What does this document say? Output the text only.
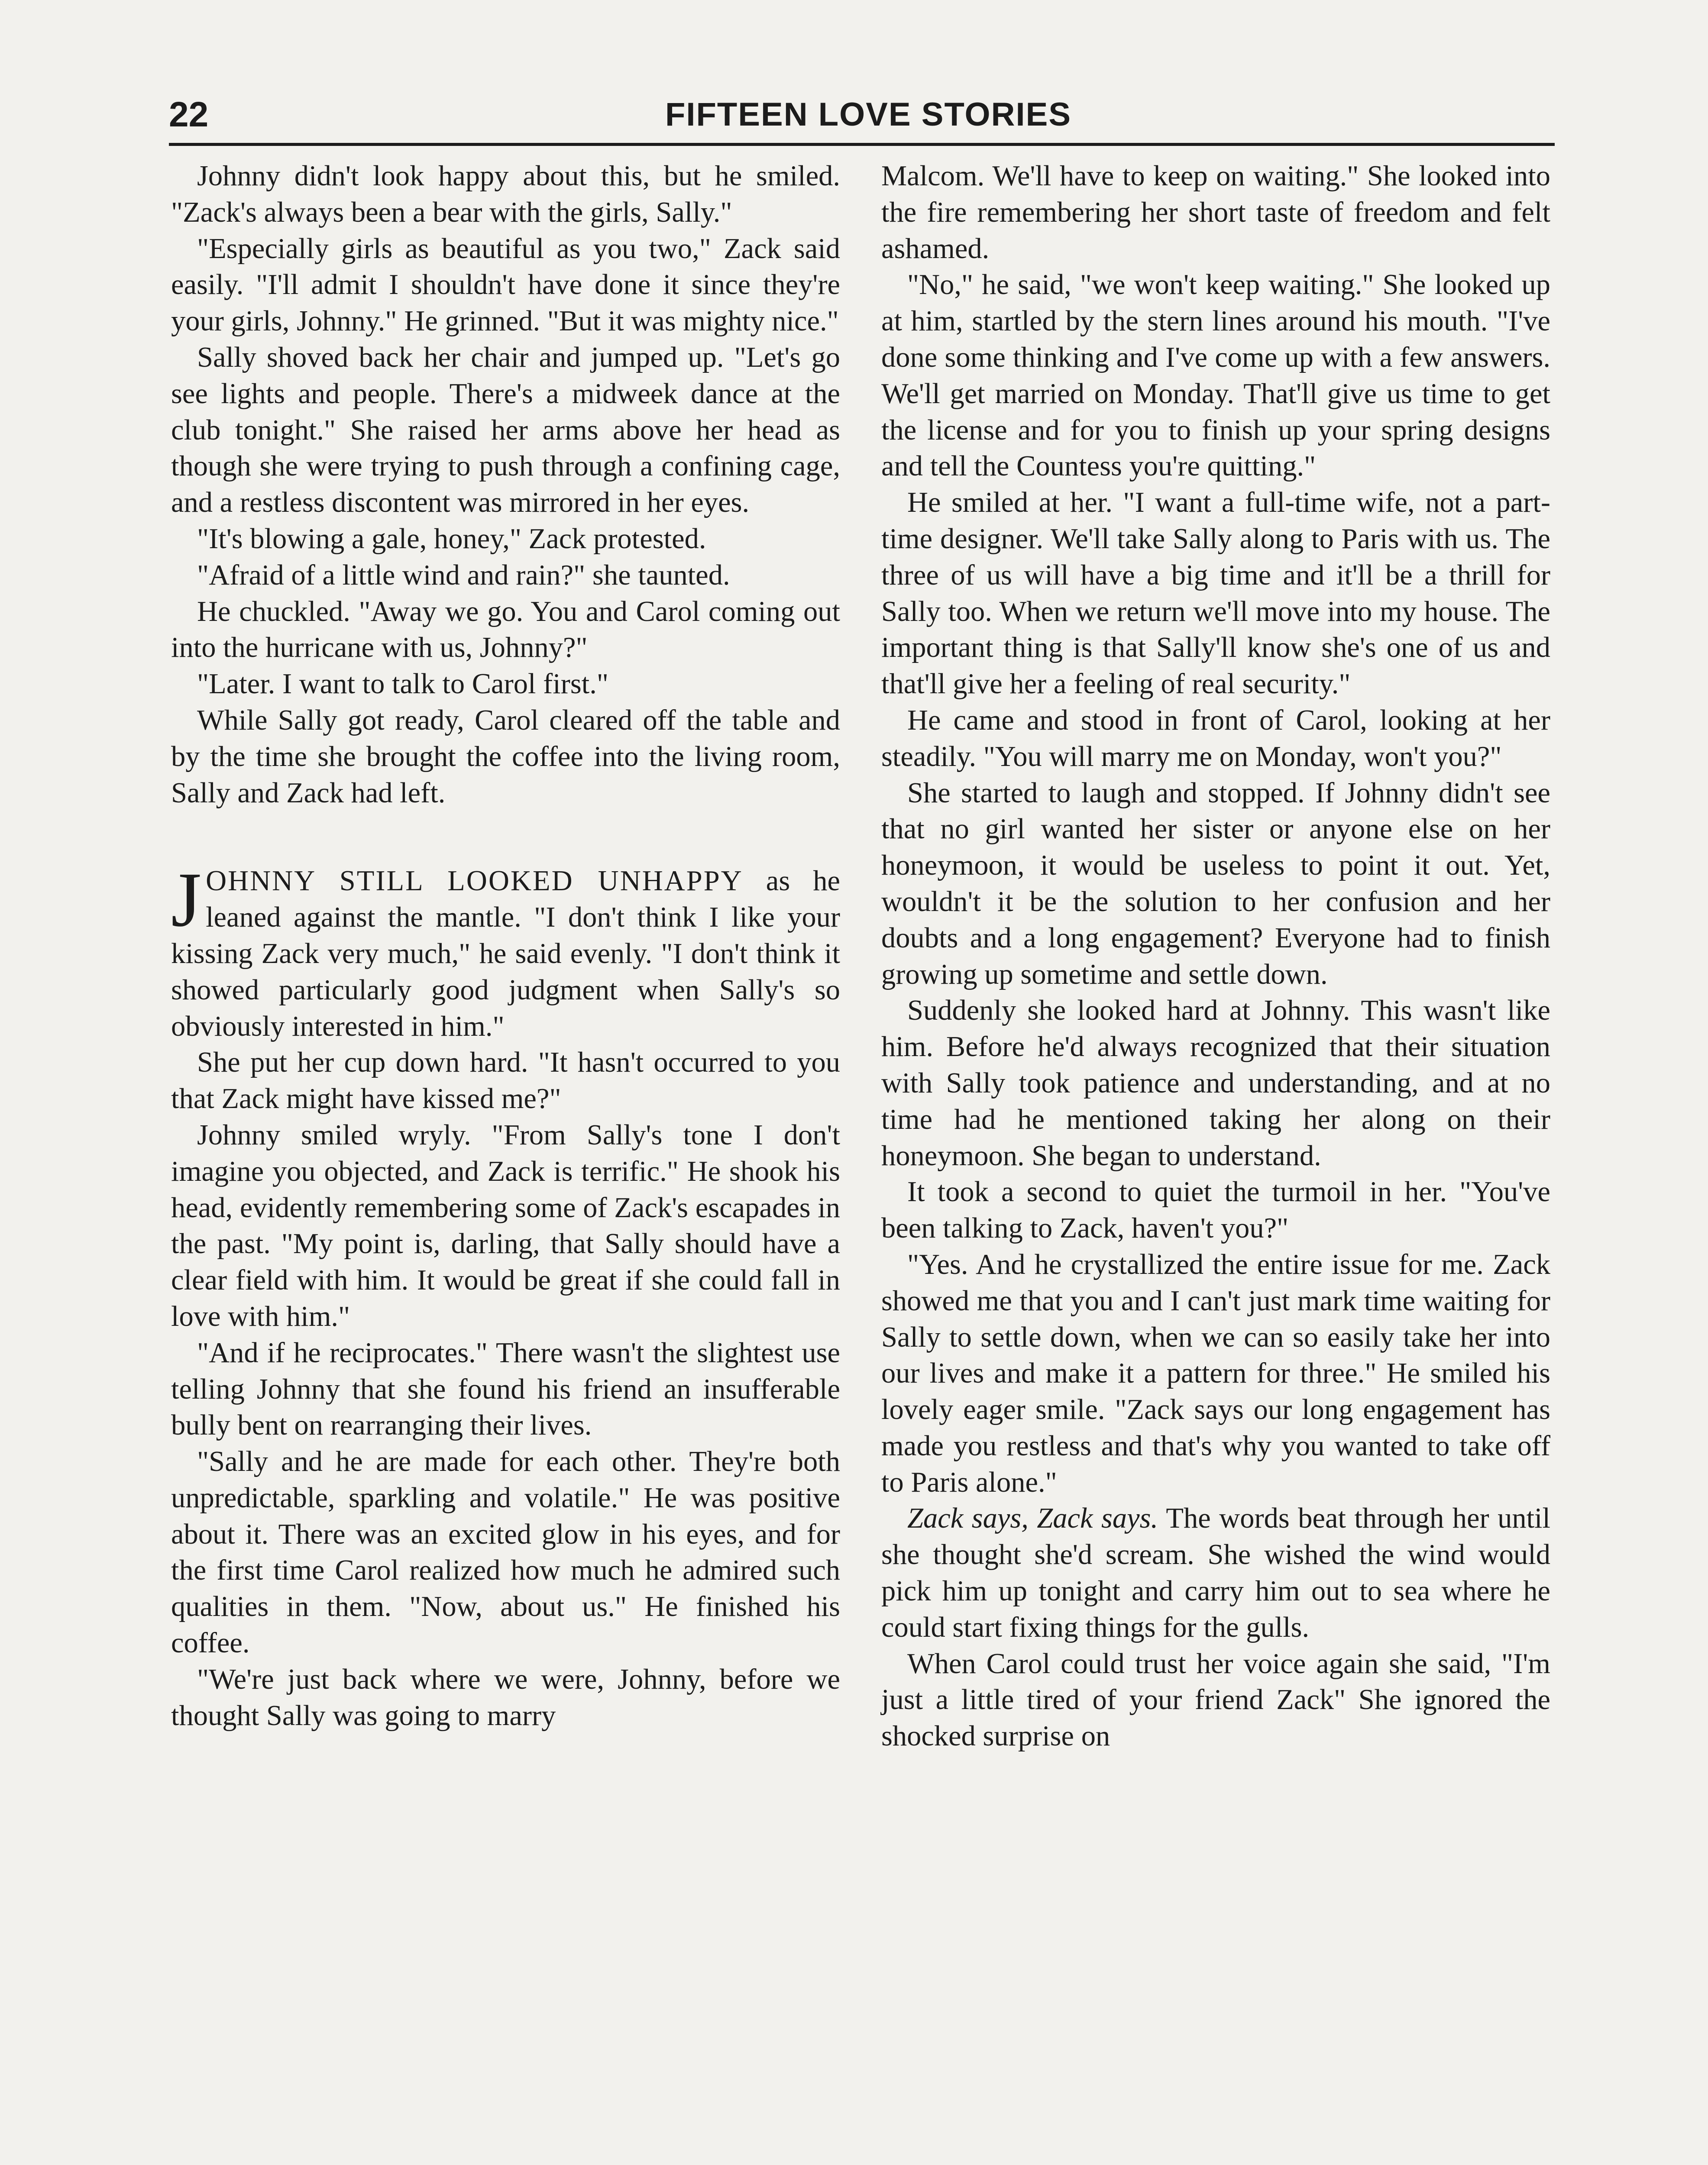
22	FIFTEEN LOVE STORIES

Johnny didn't look happy about this, but he smiled. "Zack's always been a bear with the girls, Sally."

"Especially girls as beautiful as you two," Zack said easily. "I'll admit I shouldn't have done it since they're your girls, Johnny." He grinned. "But it was mighty nice."

Sally shoved back her chair and jumped up. "Let's go see lights and people. There's a midweek dance at the club tonight." She raised her arms above her head as though she were trying to push through a confining cage, and a restless discontent was mirrored in her eyes.

"It's blowing a gale, honey," Zack protested.

"Afraid of a little wind and rain?" she taunted.

He chuckled. "Away we go. You and Carol coming out into the hurricane with us, Johnny?"

"Later. I want to talk to Carol first."

While Sally got ready, Carol cleared off the table and by the time she brought the coffee into the living room, Sally and Zack had left.

JOHNNY STILL LOOKED UNHAPPY as he leaned against the mantle. "I don't think I like your kissing Zack very much," he said evenly. "I don't think it showed particularly good judgment when Sally's so obviously interested in him."

She put her cup down hard. "It hasn't occurred to you that Zack might have kissed me?"

Johnny smiled wryly. "From Sally's tone I don't imagine you objected, and Zack is terrific." He shook his head, evidently remembering some of Zack's escapades in the past. "My point is, darling, that Sally should have a clear field with him. It would be great if she could fall in love with him."

"And if he reciprocates." There wasn't the slightest use telling Johnny that she found his friend an insufferable bully bent on rearranging their lives.

"Sally and he are made for each other. They're both unpredictable, sparkling and volatile." He was positive about it. There was an excited glow in his eyes, and for the first time Carol realized how much he admired such qualities in them. "Now, about us." He finished his coffee.

"We're just back where we were, Johnny, before we thought Sally was going to marry

Malcom. We'll have to keep on waiting." She looked into the fire remembering her short taste of freedom and felt ashamed.

"No," he said, "we won't keep waiting." She looked up at him, startled by the stern lines around his mouth. "I've done some thinking and I've come up with a few answers. We'll get married on Monday. That'll give us time to get the license and for you to finish up your spring designs and tell the Countess you're quitting."

He smiled at her. "I want a full-time wife, not a part-time designer. We'll take Sally along to Paris with us. The three of us will have a big time and it'll be a thrill for Sally too. When we return we'll move into my house. The important thing is that Sally'll know she's one of us and that'll give her a feeling of real security."

He came and stood in front of Carol, looking at her steadily. "You will marry me on Monday, won't you?"

She started to laugh and stopped. If Johnny didn't see that no girl wanted her sister or anyone else on her honeymoon, it would be useless to point it out. Yet, wouldn't it be the solution to her confusion and her doubts and a long engagement? Everyone had to finish growing up sometime and settle down.

Suddenly she looked hard at Johnny. This wasn't like him. Before he'd always recognized that their situation with Sally took patience and understanding, and at no time had he mentioned taking her along on their honeymoon. She began to understand.

It took a second to quiet the turmoil in her. "You've been talking to Zack, haven't you?"

"Yes. And he crystallized the entire issue for me. Zack showed me that you and I can't just mark time waiting for Sally to settle down, when we can so easily take her into our lives and make it a pattern for three." He smiled his lovely eager smile. "Zack says our long engagement has made you restless and that's why you wanted to take off to Paris alone."

Zack says, Zack says. The words beat through her until she thought she'd scream. She wished the wind would pick him up tonight and carry him out to sea where he could start fixing things for the gulls.

When Carol could trust her voice again she said, "I'm just a little tired of your friend Zack" She ignored the shocked surprise on
